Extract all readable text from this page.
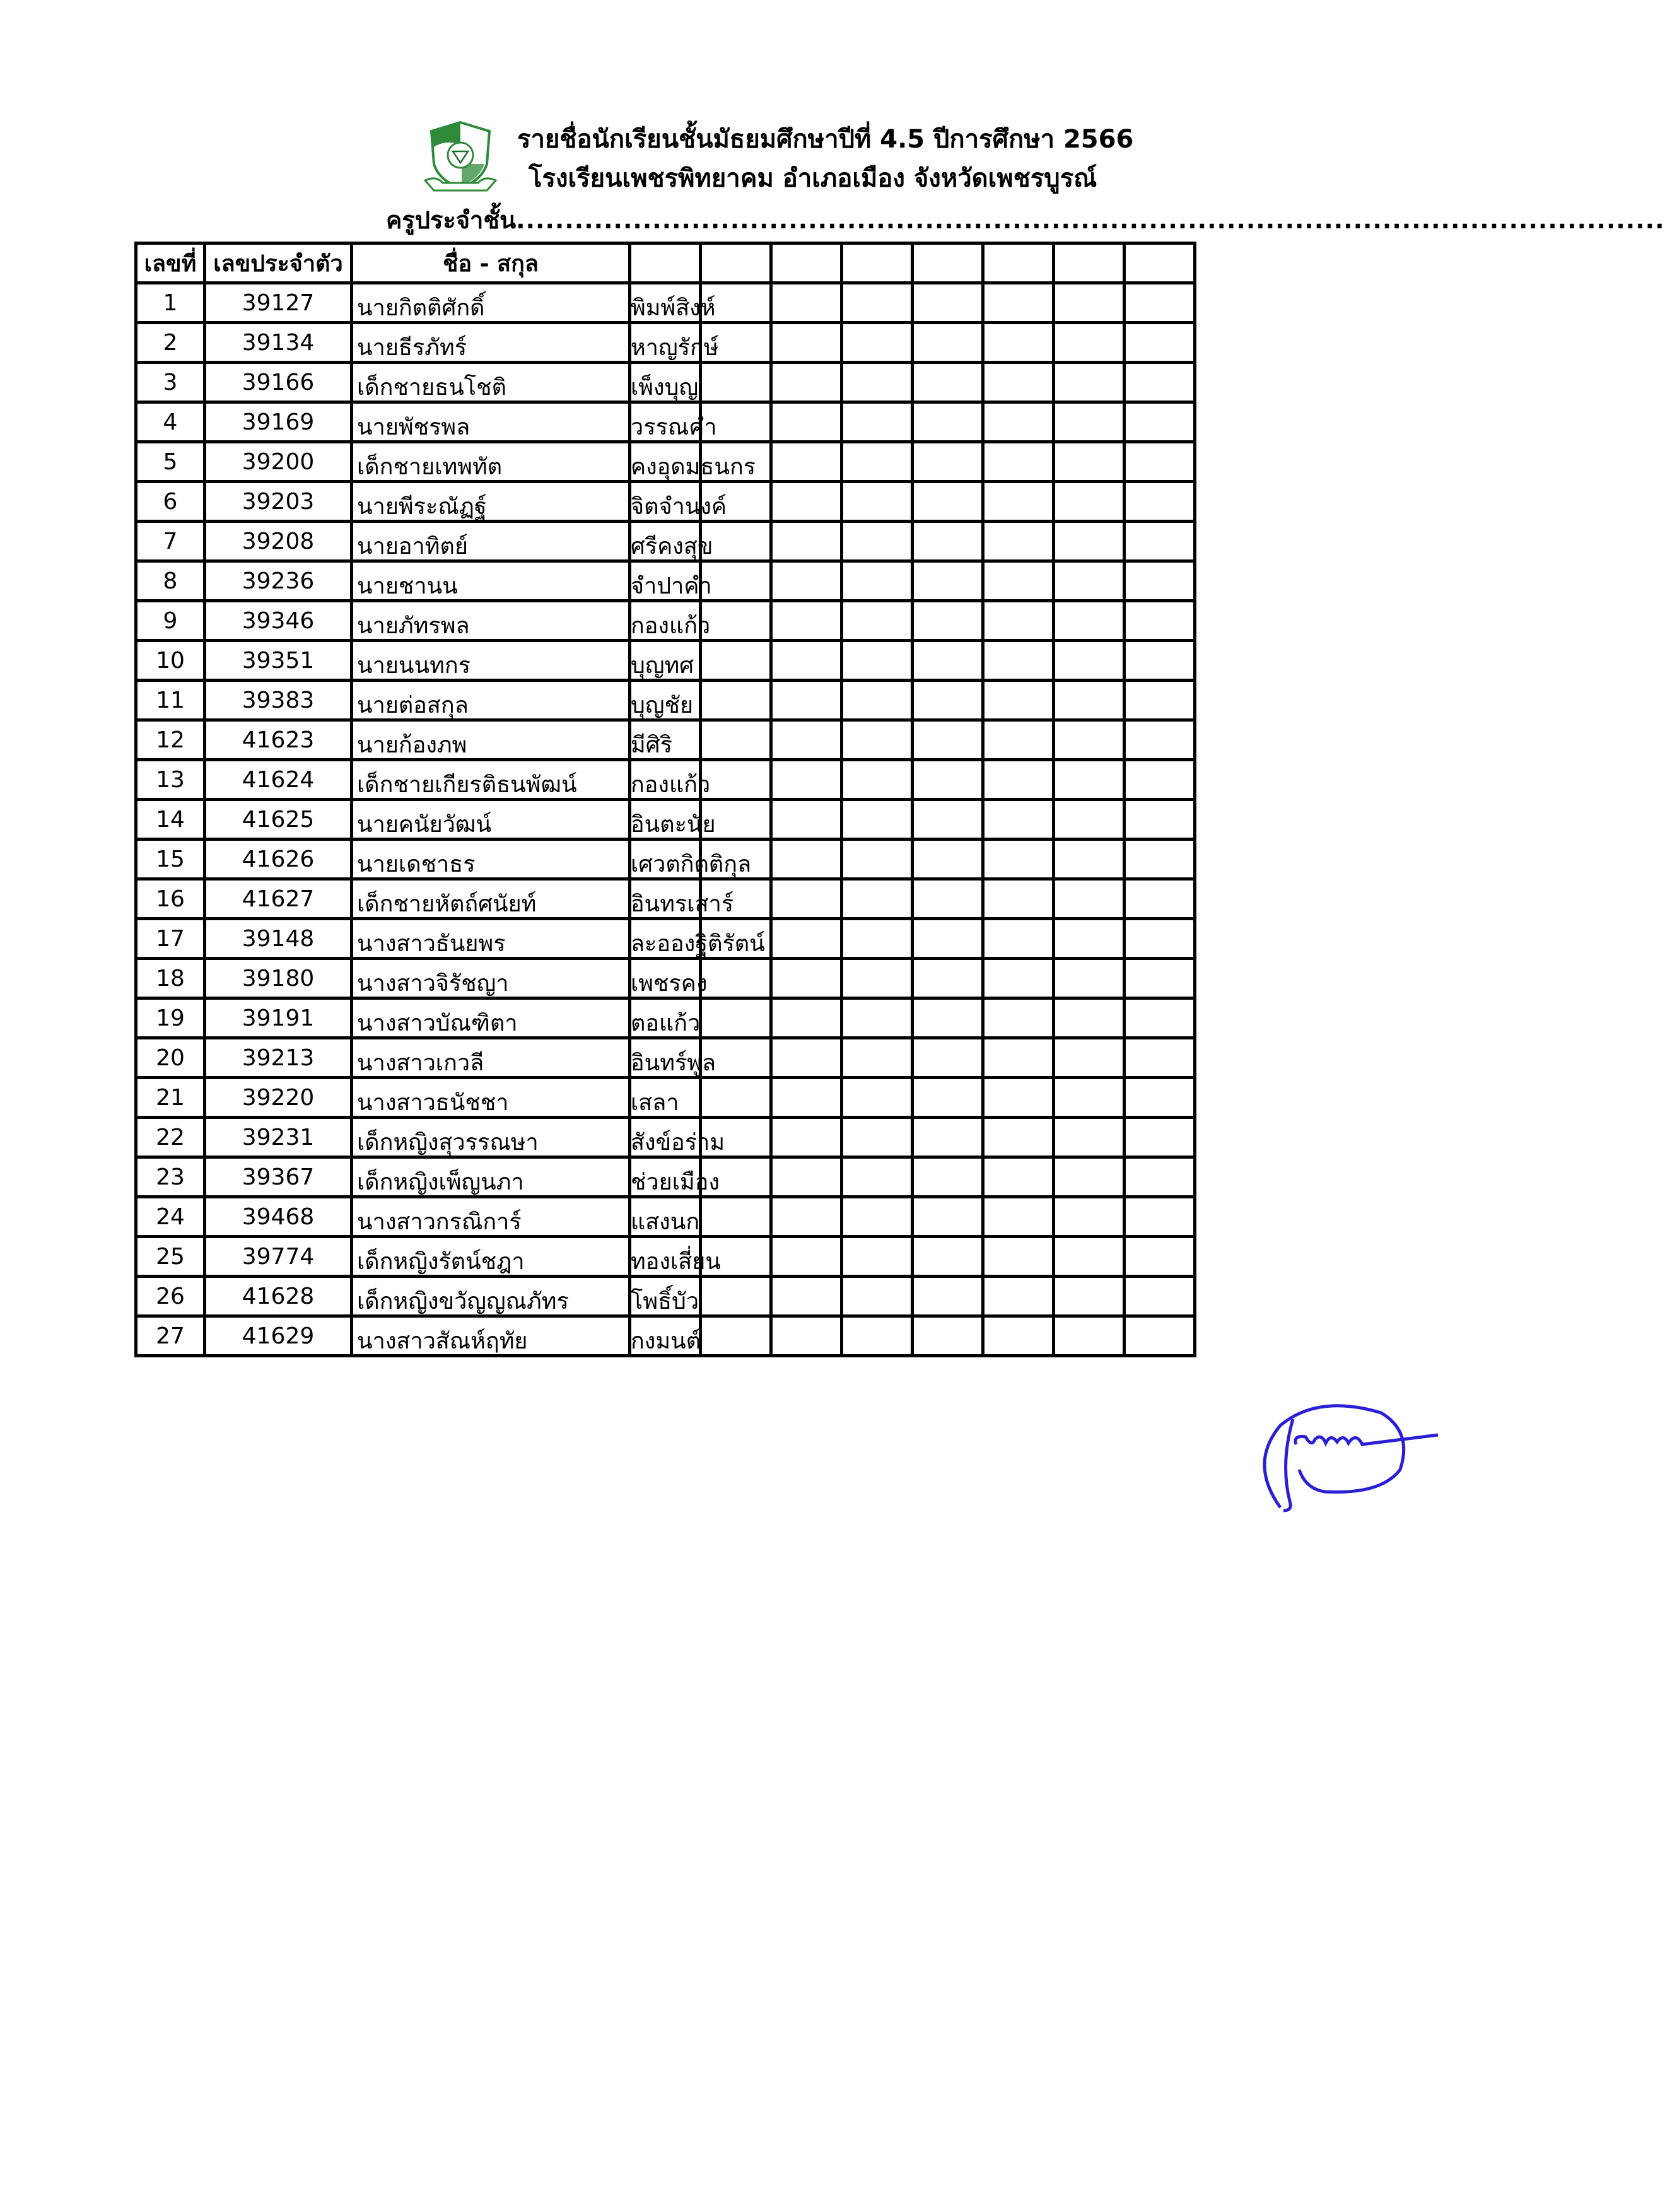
รายชื่อนักเรียนชั้นมัธยมศึกษาปีที่ 4.5 ปีการศึกษา 2566
โรงเรียนเพชรพิทยาคม อำเภอเมือง จังหวัดเพชรบูรณ์
ครูประจำชั้น......................................................................................................................
เลขที่	เลขประจำตัว	ชื่อ - สกุล								
1	39127	นายกิตติศักดิ์ พิมพ์สิงห์								

2	39134	นายธีรภัทร์ หาญรักษ์								

3	39166	เด็กชายธนโชติ เพ็งบุญ								

4	39169	นายพัชรพล วรรณคำ								

5	39200	เด็กชายเทพทัต คงอุดมธนกร								

6	39203	นายพีระณัฏฐ์ จิตจำนงค์								

7	39208	นายอาทิตย์ ศรีคงสุข								

8	39236	นายชานน จำปาคำ								

9	39346	นายภัทรพล กองแก้ว								

10	39351	นายนนทกร บุญทศ								

11	39383	นายต่อสกุล บุญชัย								

12	41623	นายก้องภพ มีศิริ								

13	41624	เด็กชายเกียรติธนพัฒน์ กองแก้ว								

14	41625	นายคนัยวัฒน์ อินตะนัย								

15	41626	นายเดชาธร เศวตกิตติกุล								

16	41627	เด็กชายหัตถ์ศนัยท์ อินทรเสาร์								

17	39148	นางสาวธันยพร ละอองฐิติรัตน์								

18	39180	นางสาวจิรัชญา เพชรคง								

19	39191	นางสาวบัณฑิตา ตอแก้ว								

20	39213	นางสาวเกวลี อินทร์พูล								

21	39220	นางสาวธนัชชา เสลา								

22	39231	เด็กหญิงสุวรรณษา สังข์อร่าม								

23	39367	เด็กหญิงเพ็ญนภา ช่วยเมือง								

24	39468	นางสาวกรณิการ์ แสงนก								

25	39774	เด็กหญิงรัตน์ชฎา ทองเสี่ยน								

26	41628	เด็กหญิงขวัญญณภัทร โพธิ์บัว								

27	41629	นางสาวสัณห์ฤทัย กงมนต์								
